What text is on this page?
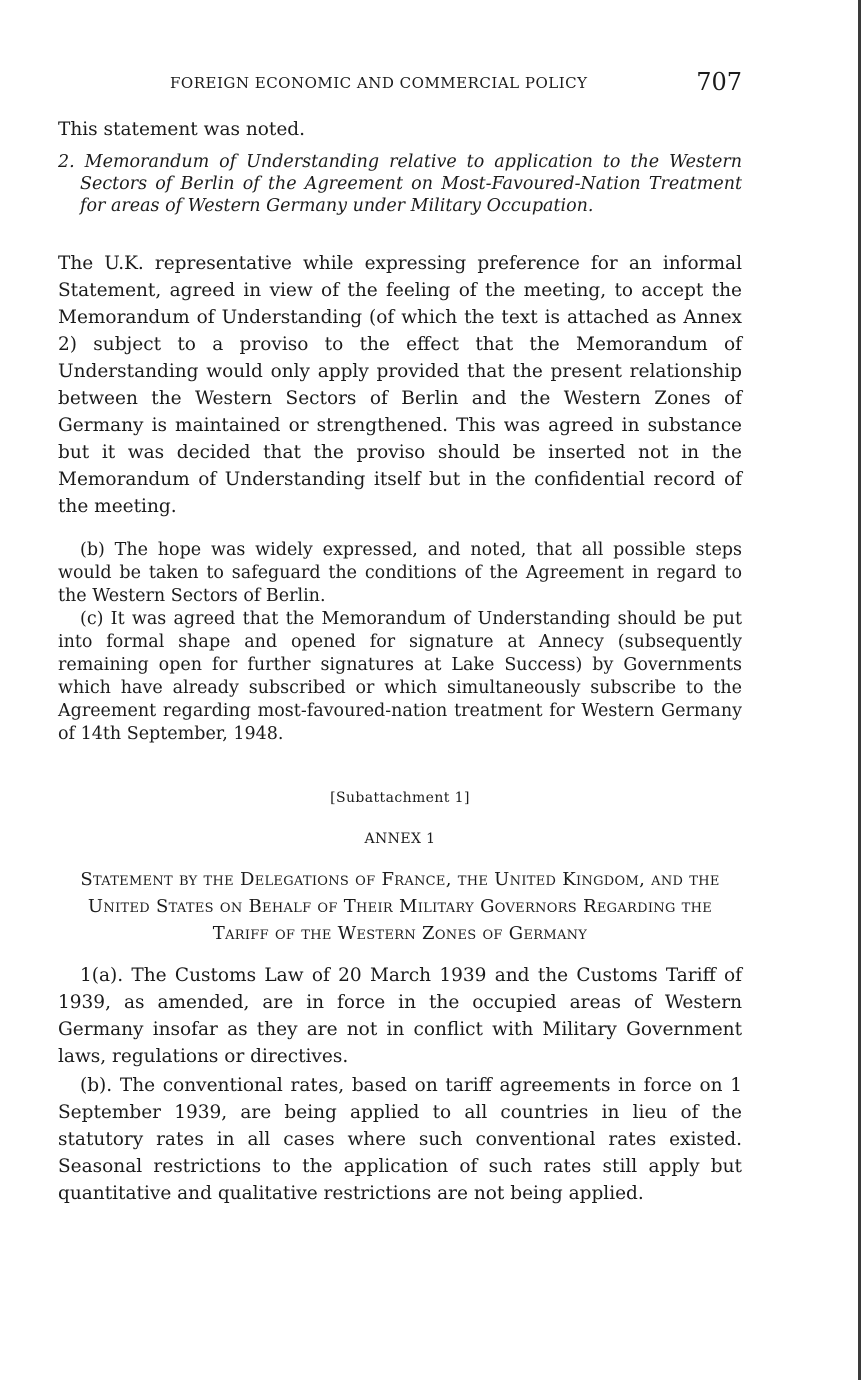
FOREIGN ECONOMIC AND COMMERCIAL POLICY	707

This statement was noted.

2. Memorandum of Understanding relative to application to the Western Sectors of Berlin of the Agreement on Most-Favoured-Nation Treatment for areas of Western Germany under Military Occupation.

The U.K. representative while expressing preference for an informal Statement, agreed in view of the feeling of the meeting, to accept the Memorandum of Understanding (of which the text is attached as Annex 2) subject to a proviso to the effect that the Memorandum of Understanding would only apply provided that the present relationship between the Western Sectors of Berlin and the Western Zones of Germany is maintained or strengthened. This was agreed in substance but it was decided that the proviso should be inserted not in the Memorandum of Understanding itself but in the confidential record of the meeting.

(b) The hope was widely expressed, and noted, that all possible steps would be taken to safeguard the conditions of the Agreement in regard to the Western Sectors of Berlin.

(c) It was agreed that the Memorandum of Understanding should be put into formal shape and opened for signature at Annecy (subsequently remaining open for further signatures at Lake Success) by Governments which have already subscribed or which simultaneously subscribe to the Agreement regarding most-favoured-nation treatment for Western Germany of 14th September, 1948.

[Subattachment 1]

ANNEX 1

Statement by the Delegations of France, the United Kingdom, and the United States on Behalf of Their Military Governors Regarding the Tariff of the Western Zones of Germany

1(a). The Customs Law of 20 March 1939 and the Customs Tariff of 1939, as amended, are in force in the occupied areas of Western Germany insofar as they are not in conflict with Military Government laws, regulations or directives.

(b). The conventional rates, based on tariff agreements in force on 1 September 1939, are being applied to all countries in lieu of the statutory rates in all cases where such conventional rates existed. Seasonal restrictions to the application of such rates still apply but quantitative and qualitative restrictions are not being applied.
